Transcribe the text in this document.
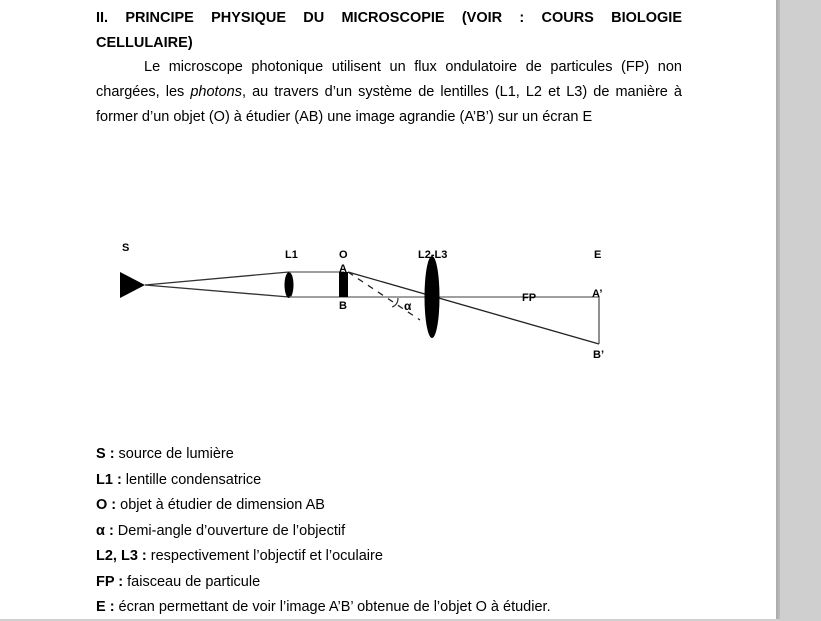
II. PRINCIPE PHYSIQUE DU MICROSCOPIE (VOIR : COURS BIOLOGIE
CELLULAIRE)
Le microscope photonique utilisent un flux ondulatoire de particules (FP) non
chargées, les photons, au travers d’un système de lentilles (L1, L2 et L3) de manière à
former d’un objet (O) à étudier (AB) une image agrandie (A’B’) sur un écran E
S
L1	O
A
B
L2-L3	E
FP	A’
B’
α
S : source de lumière
L1 : lentille condensatrice
O : objet à étudier de dimension AB
α : Demi-angle d’ouverture de l’objectif
L2, L3 : respectivement l’objectif et l’oculaire
FP : faisceau de particule
E : écran permettant de voir l’image A’B’ obtenue de l’objet O à étudier.
